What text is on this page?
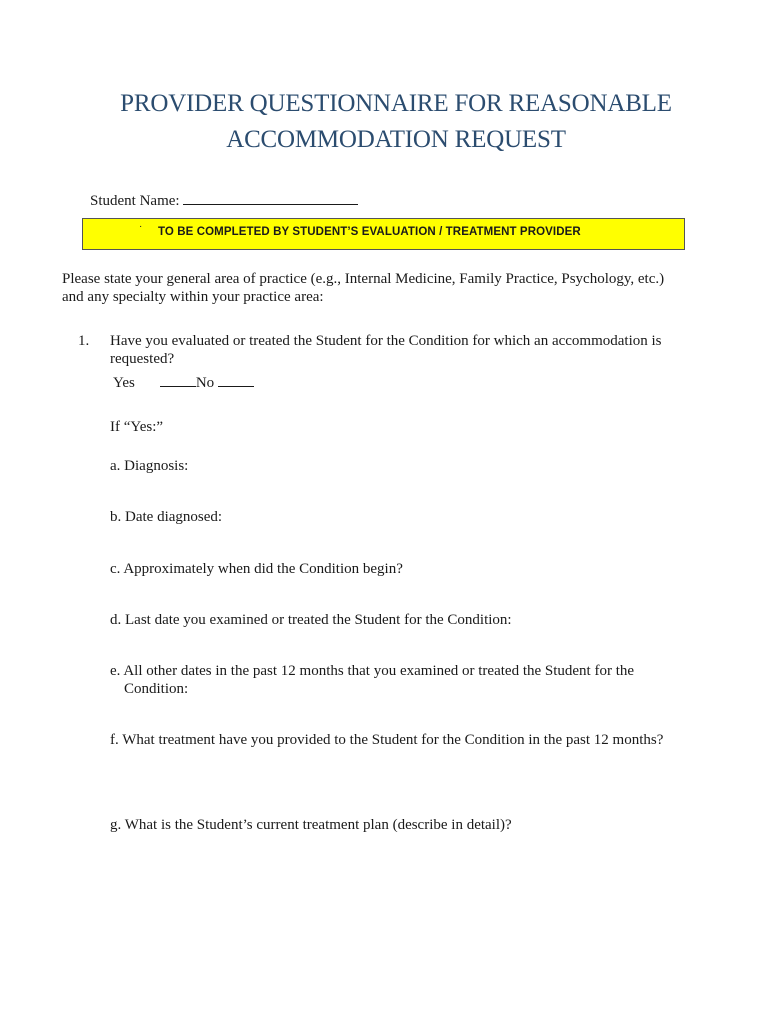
PROVIDER QUESTIONNAIRE FOR REASONABLE
ACCOMMODATION REQUEST
Student Name:
· TO BE COMPLETED BY STUDENT’S EVALUATION / TREATMENT PROVIDER
Please state your general area of practice (e.g., Internal Medicine, Family Practice, Psychology, etc.) and any specialty within your practice area:
1. Have you evaluated or treated the Student for the Condition for which an accommodation is requested?
Yes	No
If “Yes:”
a. Diagnosis:
b. Date diagnosed:
c. Approximately when did the Condition begin?
d. Last date you examined or treated the Student for the Condition:
e. All other dates in the past 12 months that you examined or treated the Student for the
Condition:
f. What treatment have you provided to the Student for the Condition in the past 12 months?
g. What is the Student’s current treatment plan (describe in detail)?
